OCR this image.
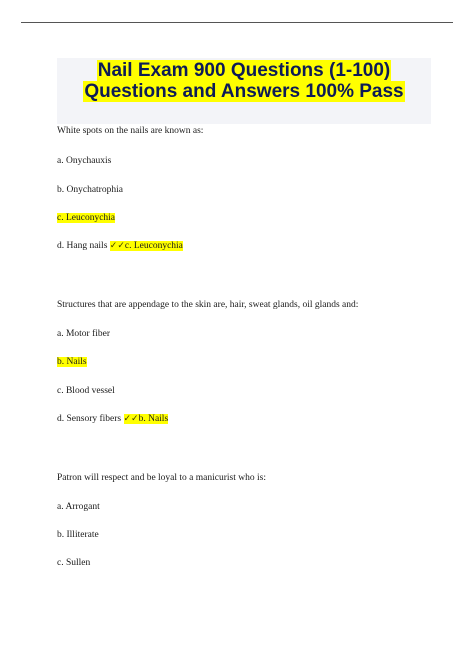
Nail Exam 900 Questions (1-100)
Questions and Answers 100% Pass
White spots on the nails are known as:
a. Onychauxis
b. Onychatrophia
c. Leuconychia
d. Hang nails ✓✓c. Leuconychia
Structures that are appendage to the skin are, hair, sweat glands, oil glands and:
a. Motor fiber
b. Nails
c. Blood vessel
d. Sensory fibers ✓✓b. Nails
Patron will respect and be loyal to a manicurist who is:
a. Arrogant
b. Illiterate
c. Sullen
